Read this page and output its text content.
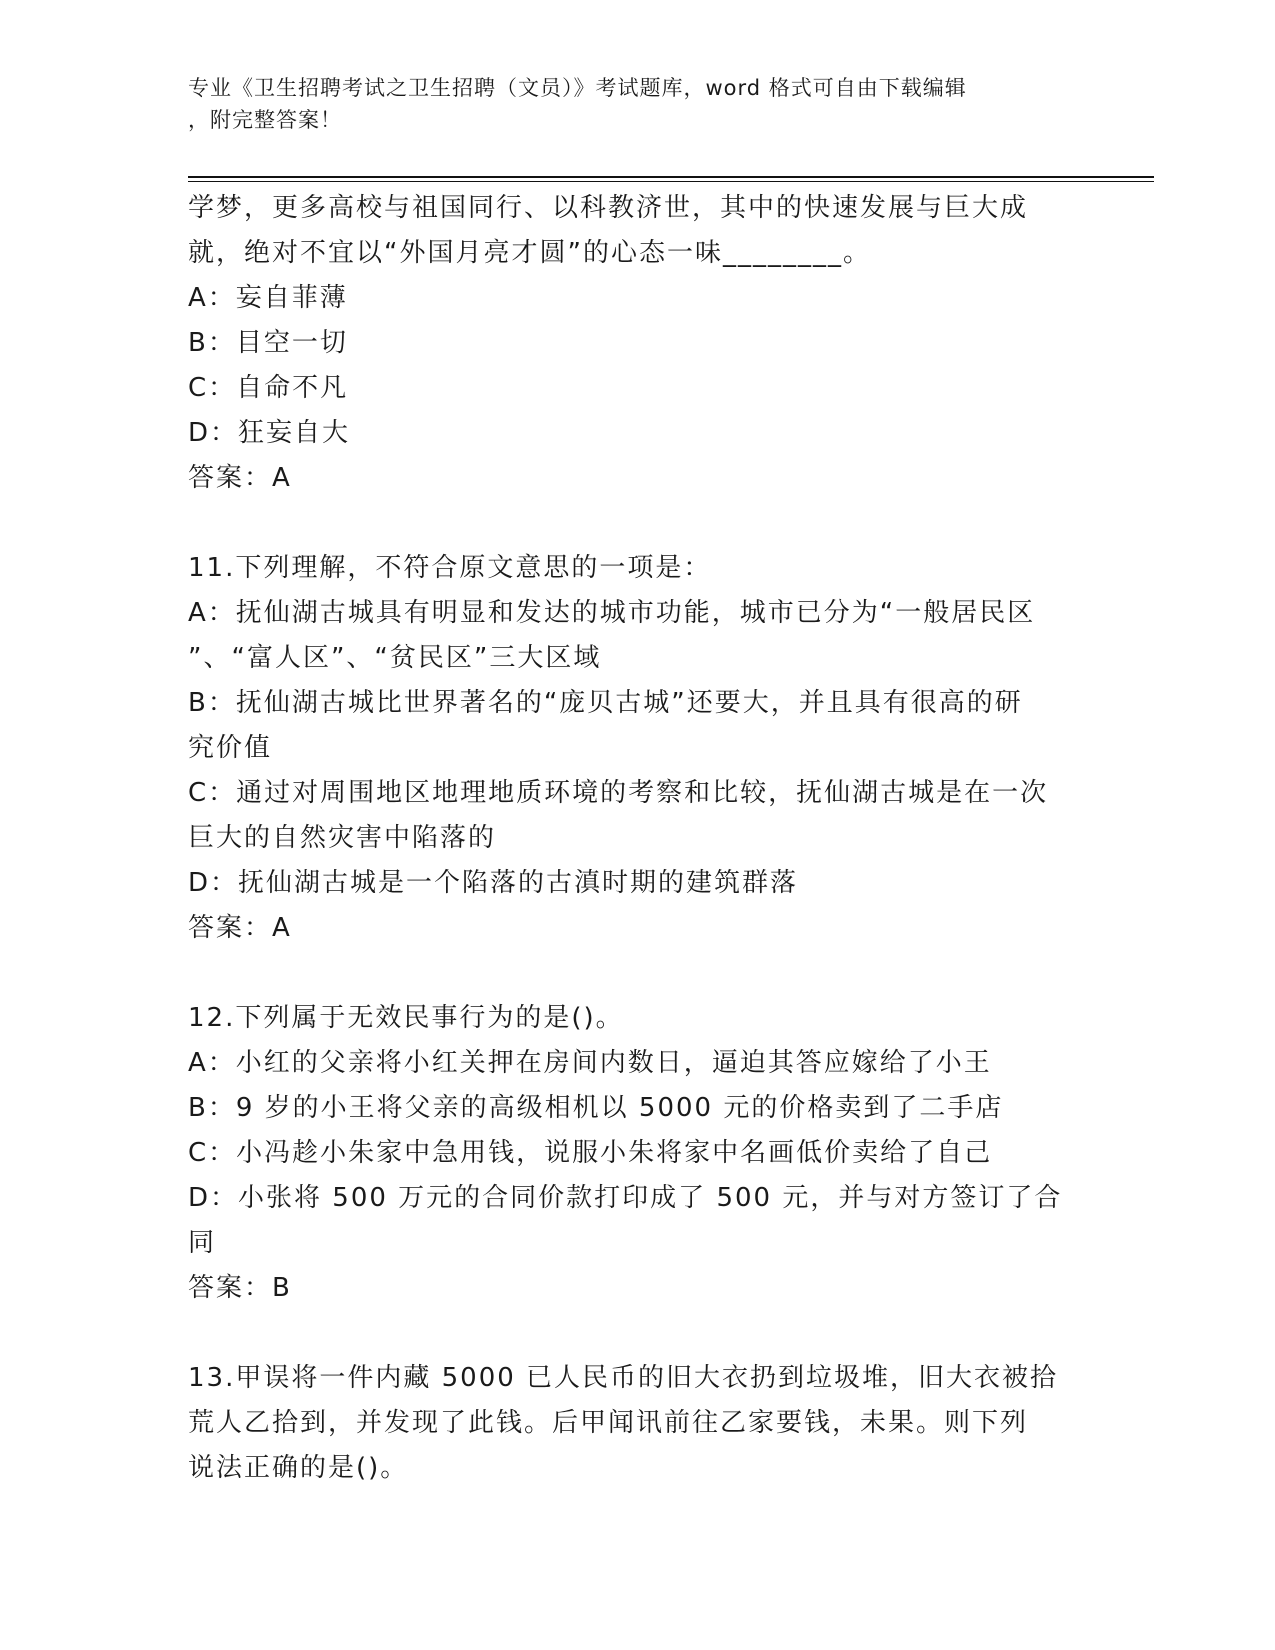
专业《卫生招聘考试之卫生招聘（文员）》考试题库，word 格式可自由下载编辑
，附完整答案！

学梦，更多高校与祖国同行、以科教济世，其中的快速发展与巨大成

就，绝对不宜以“外国月亮才圆”的心态一味________。

A：妄自菲薄

B：目空一切

C：自命不凡

D：狂妄自大

答案：A

11.下列理解，不符合原文意思的一项是：

A：抚仙湖古城具有明显和发达的城市功能，城市已分为“一般居民区

”、“富人区”、“贫民区”三大区域

B：抚仙湖古城比世界著名的“庞贝古城”还要大，并且具有很高的研

究价值

C：通过对周围地区地理地质环境的考察和比较，抚仙湖古城是在一次

巨大的自然灾害中陷落的

D：抚仙湖古城是一个陷落的古滇时期的建筑群落

答案：A

12.下列属于无效民事行为的是()。

A：小红的父亲将小红关押在房间内数日，逼迫其答应嫁给了小王

B：9 岁的小王将父亲的高级相机以 5000 元的价格卖到了二手店

C：小冯趁小朱家中急用钱，说服小朱将家中名画低价卖给了自己

D：小张将 500 万元的合同价款打印成了 500 元，并与对方签订了合同

答案：B

13.甲误将一件内藏 5000 已人民币的旧大衣扔到垃圾堆，旧大衣被拾

荒人乙拾到，并发现了此钱。后甲闻讯前往乙家要钱，未果。则下列

说法正确的是()。
